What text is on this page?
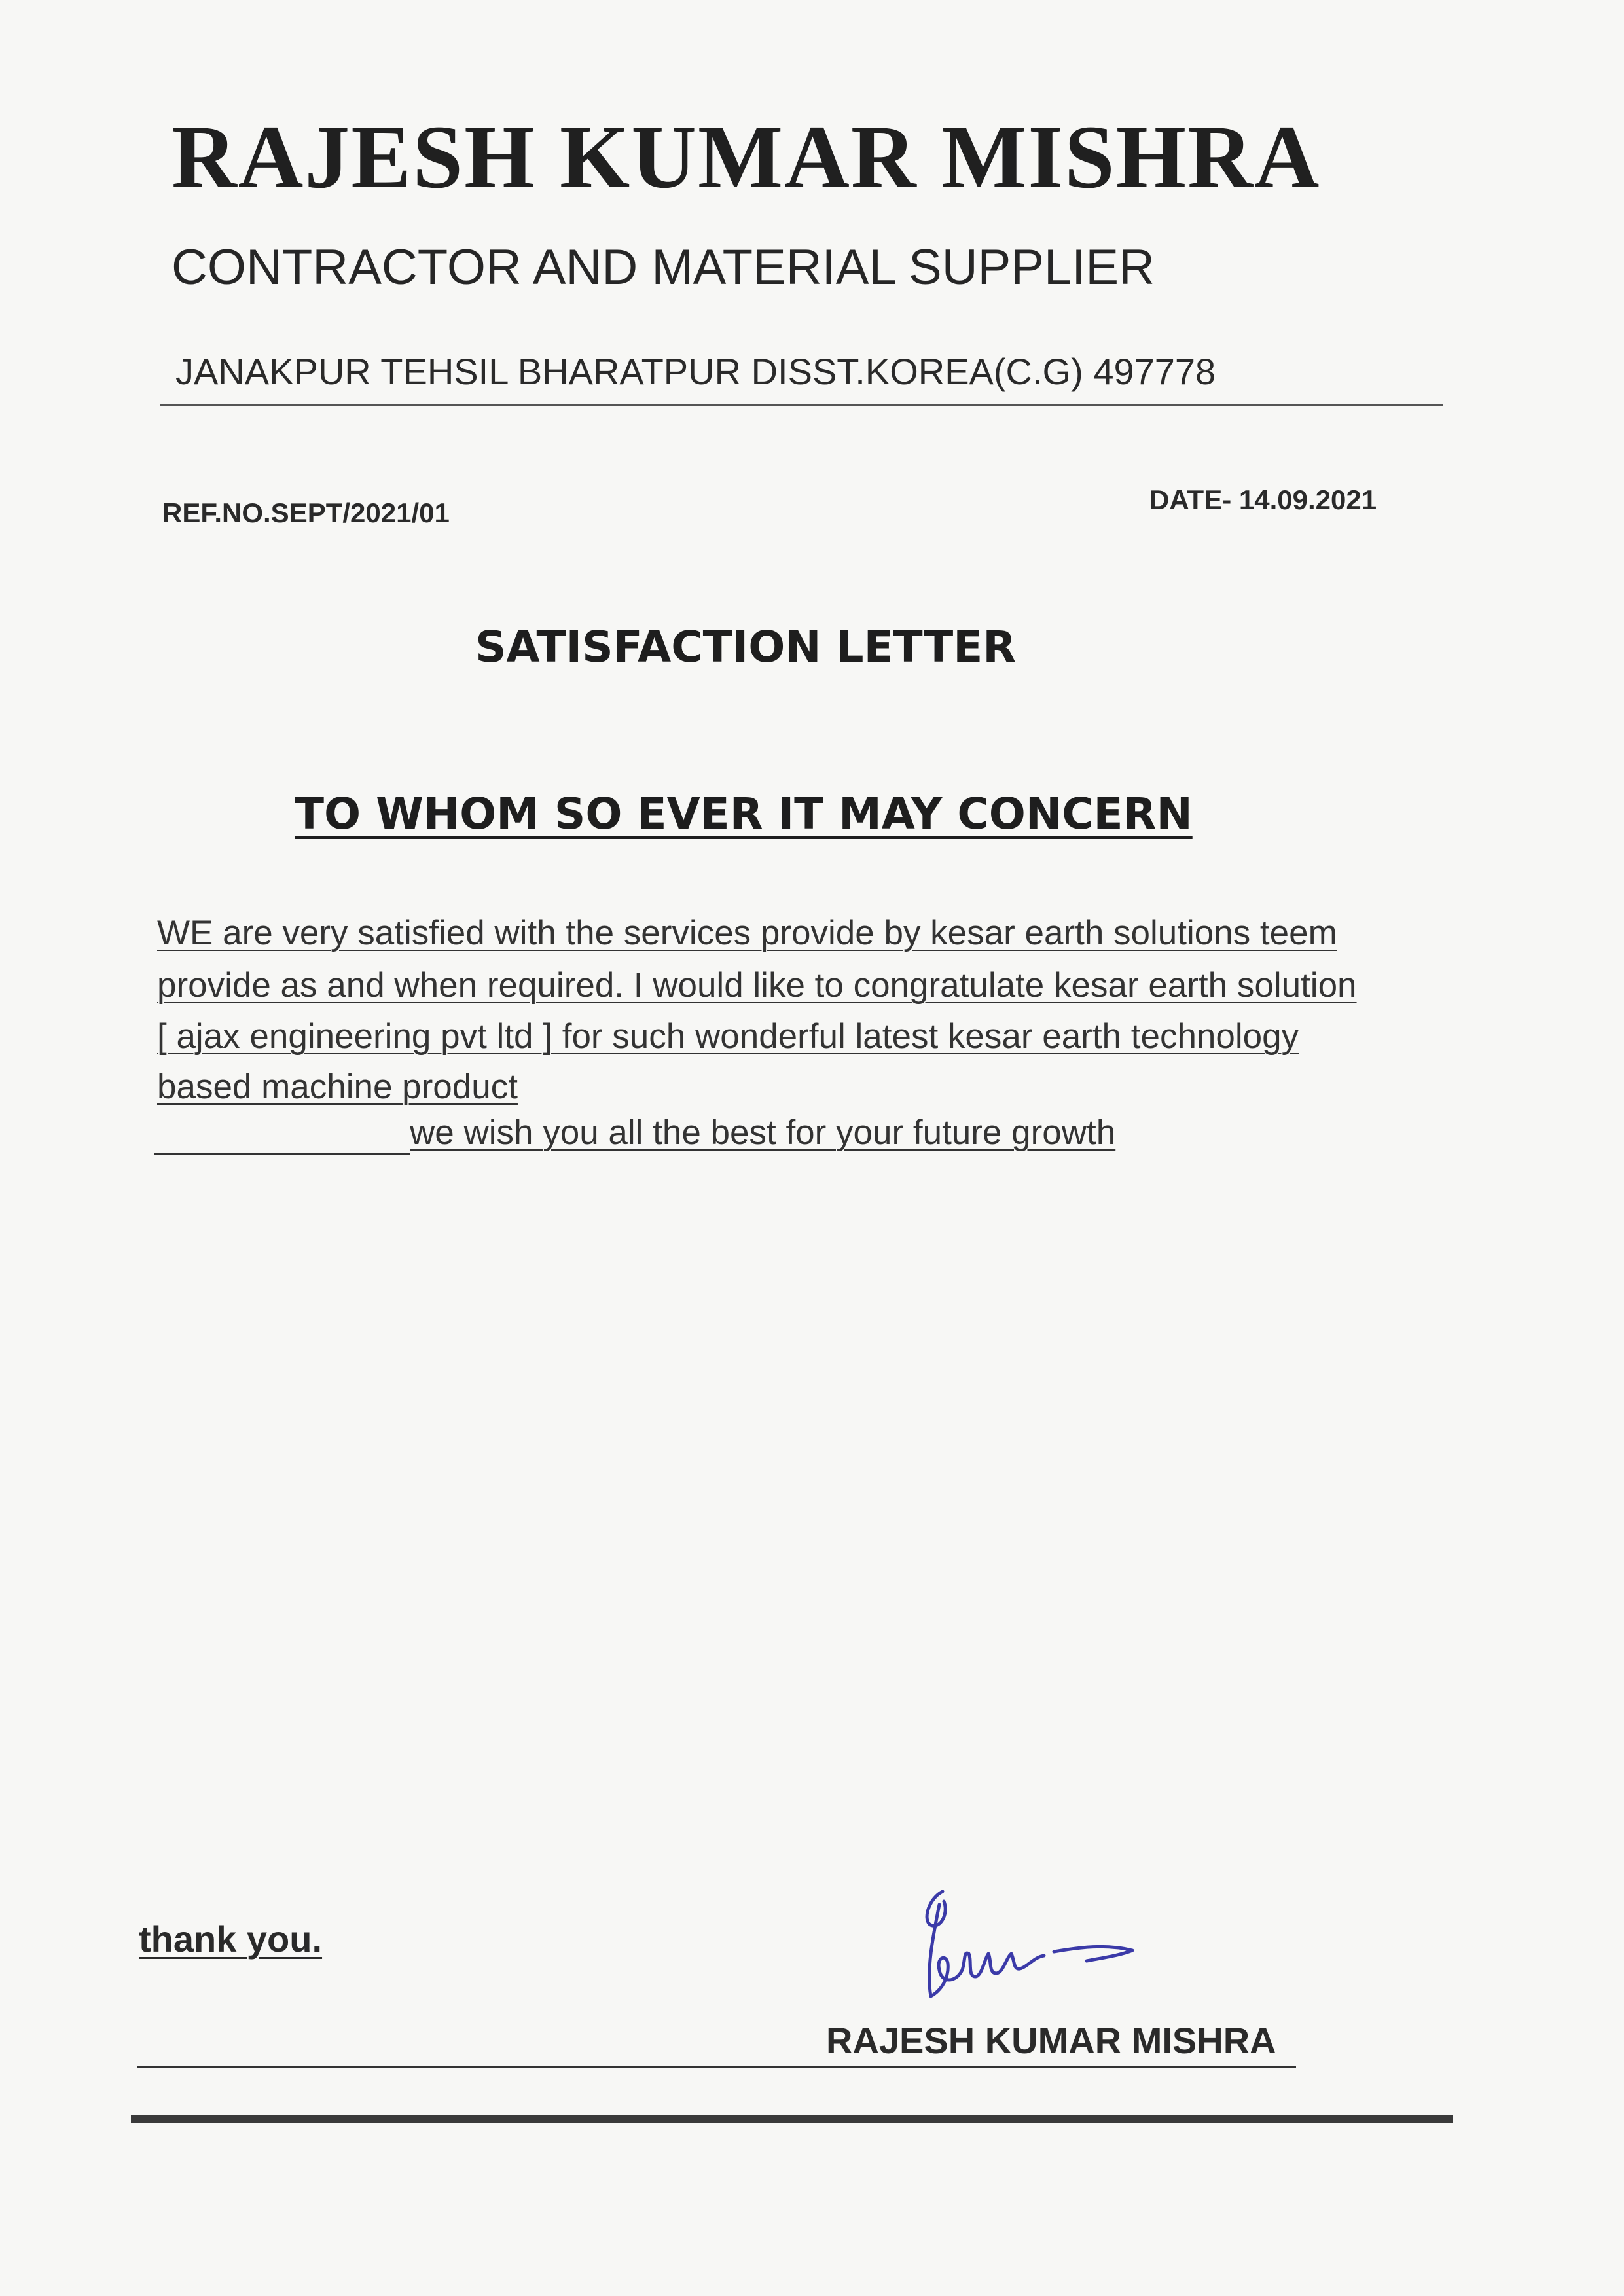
RAJESH KUMAR MISHRA
CONTRACTOR AND MATERIAL SUPPLIER
JANAKPUR TEHSIL BHARATPUR DISST.KOREA(C.G) 497778
REF.NO.SEPT/2021/01	DATE- 14.09.2021
SATISFACTION LETTER
TO WHOM SO EVER IT MAY CONCERN
WE are very satisfied with the services provide by kesar earth solutions teem
provide as and when required. I would like to congratulate kesar earth solution
[ ajax engineering pvt ltd ] for such wonderful latest kesar earth technology
based machine product
we wish you all the best for your future growth
thank you.
RAJESH KUMAR MISHRA
